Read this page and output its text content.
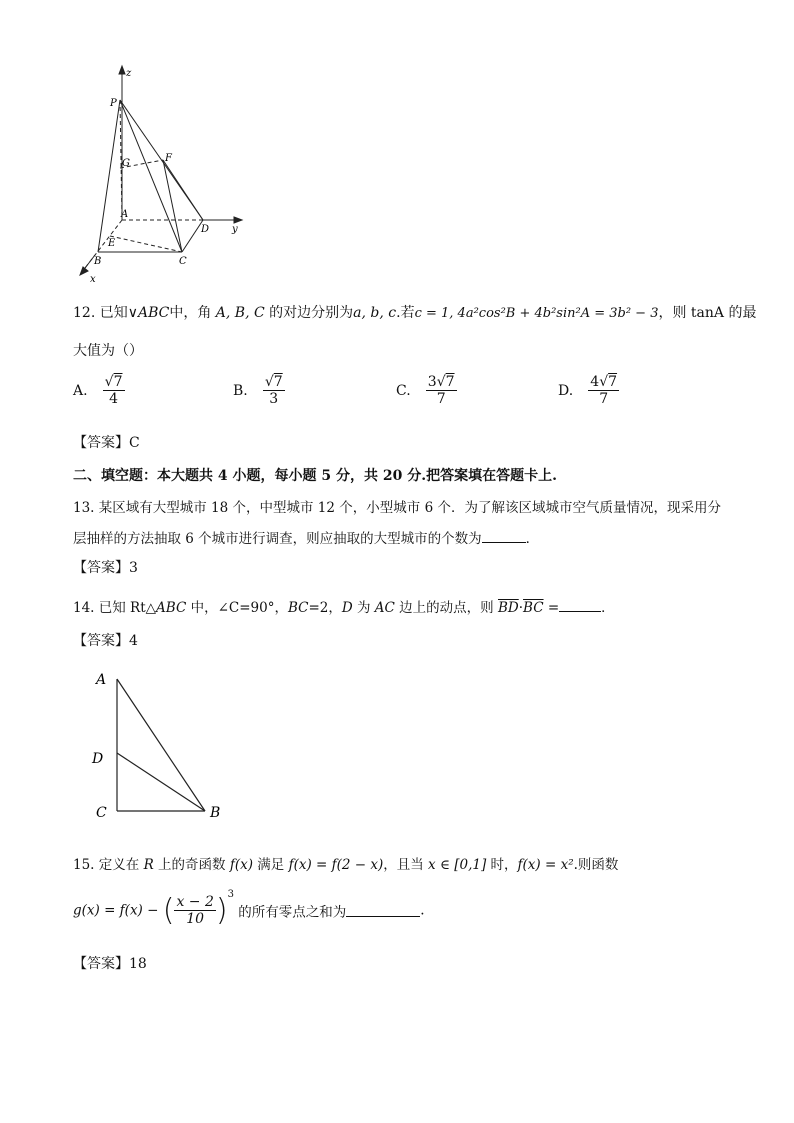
z
P
G	F
A
D y
E
B	C
x
12. 已知∨ABC中，角 A, B, C 的对边分别为a, b, c.若c = 1, 4a²cos²B + 4b²sin²A = 3b² − 3，则 tanA 的最
大值为（）
A. $\frac{√7}{4}$	B. $\frac{√7}{3}$	C. $\frac{3√7}{7}$	D. $\frac{4√7}{7}$
【答案】C
二、填空题：本大题共 4 小题，每小题 5 分，共 20 分.把答案填在答题卡上.
13. 某区域有大型城市 18 个，中型城市 12 个，小型城市 6 个．为了解该区域城市空气质量情况，现采用分
层抽样的方法抽取 6 个城市进行调查，则应抽取的大型城市的个数为	．
【答案】3
14. 已知 Rt△ABC 中，∠C=90°，BC=2，D 为 AC 边上的动点，则 $\overline{BD}\cdot\overline{BC}$ =	．
【答案】4
A
D
C	B
15. 定义在 R 上的奇函数 f(x) 满足 f(x) = f(2 − x)，且当 x ∈ [0,1] 时，f(x) = x².则函数
g(x) = f(x) − ( $\frac{x - 2}{10} )^3$ 的所有零点之和为	.
【答案】18
